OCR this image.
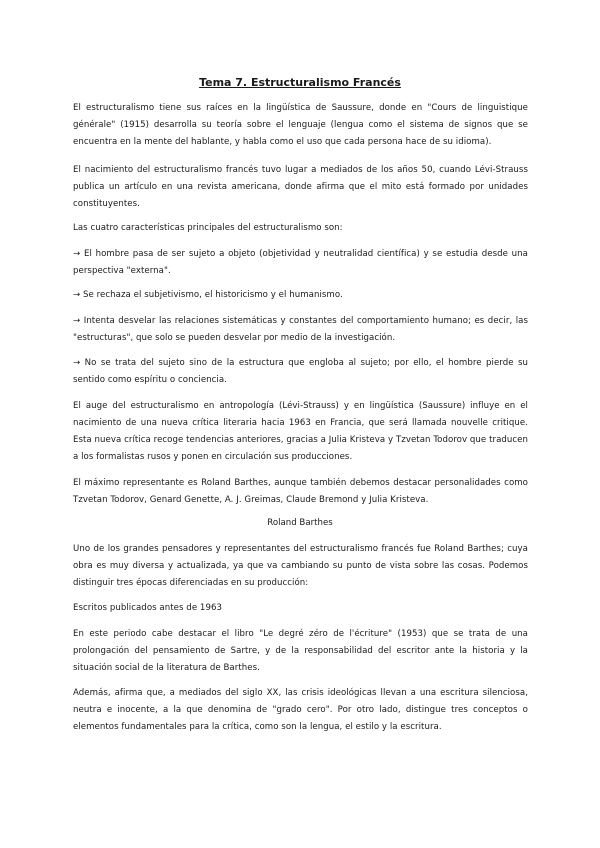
Tema 7. Estructuralismo Francés

El estructuralismo tiene sus raíces en la lingüística de Saussure, donde en "Cours de linguistique générale" (1915) desarrolla su teoría sobre el lenguaje (lengua como el sistema de signos que se encuentra en la mente del hablante, y habla como el uso que cada persona hace de su idioma).

El nacimiento del estructuralismo francés tuvo lugar a mediados de los años 50, cuando Lévi-Strauss publica un artículo en una revista americana, donde afirma que el mito está formado por unidades constituyentes.

Las cuatro características principales del estructuralismo son:

→ El hombre pasa de ser sujeto a objeto (objetividad y neutralidad científica) y se estudia desde una perspectiva "externa".

→ Se rechaza el subjetivismo, el historicismo y el humanismo.

→ Intenta desvelar las relaciones sistemáticas y constantes del comportamiento humano; es decir, las "estructuras", que solo se pueden desvelar por medio de la investigación.

→ No se trata del sujeto sino de la estructura que engloba al sujeto; por ello, el hombre pierde su sentido como espíritu o conciencia.

El auge del estructuralismo en antropología (Lévi-Strauss) y en lingüística (Saussure) influye en el nacimiento de una nueva crítica literaria hacia 1963 en Francia, que será llamada nouvelle critique. Esta nueva crítica recoge tendencias anteriores, gracias a Julia Kristeva y Tzvetan Todorov que traducen a los formalistas rusos y ponen en circulación sus producciones.

El máximo representante es Roland Barthes, aunque también debemos destacar personalidades como Tzvetan Todorov, Genard Genette, A. J. Greimas, Claude Bremond y Julia Kristeva.

Roland Barthes

Uno de los grandes pensadores y representantes del estructuralismo francés fue Roland Barthes; cuya obra es muy diversa y actualizada, ya que va cambiando su punto de vista sobre las cosas. Podemos distinguir tres épocas diferenciadas en su producción:

Escritos publicados antes de 1963

En este periodo cabe destacar el libro "Le degré zéro de l'écriture" (1953) que se trata de una prolongación del pensamiento de Sartre, y de la responsabilidad del escritor ante la historia y la situación social de la literatura de Barthes.

Además, afirma que, a mediados del siglo XX, las crisis ideológicas llevan a una escritura silenciosa, neutra e inocente, a la que denomina de "grado cero". Por otro lado, distingue tres conceptos o elementos fundamentales para la crítica, como son la lengua, el estilo y la escritura.
